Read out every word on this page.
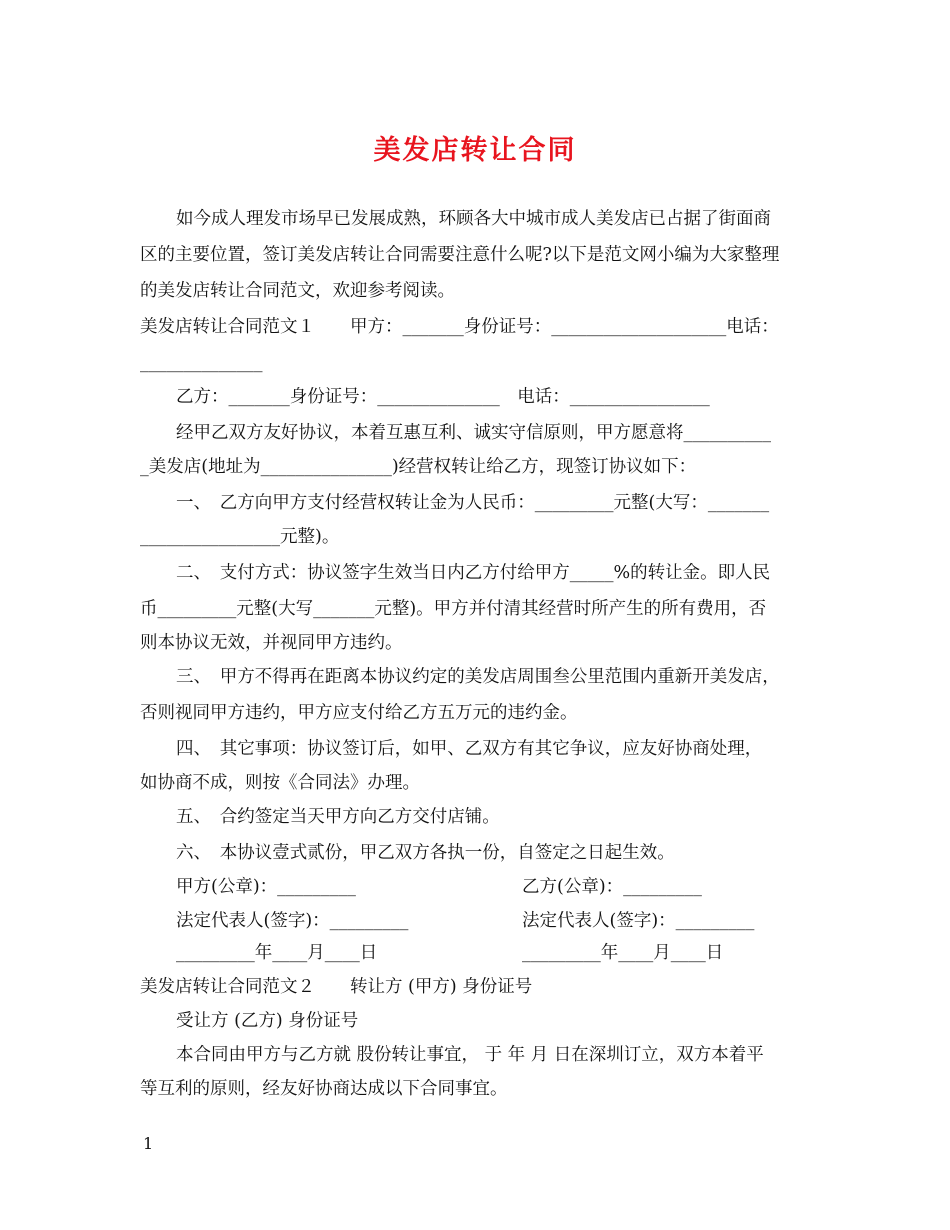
美发店转让合同
如今成人理发市场早已发展成熟，环顾各大中城市成人美发店已占据了街面商
区的主要位置，签订美发店转让合同需要注意什么呢?以下是范文网小编为大家整理
的美发店转让合同范文，欢迎参考阅读。
美发店转让合同范文１　　甲方：_______身份证号：____________________电话：
______________
乙方：_______身份证号：______________　电话：________________
经甲乙双方友好协议，本着互惠互利、诚实守信原则，甲方愿意将__________
_美发店(地址为_______________)经营权转让给乙方，现签订协议如下：
一、　乙方向甲方支付经营权转让金为人民币：_________元整(大写：_______
________________元整)。
二、　支付方式：协议签字生效当日内乙方付给甲方_____%的转让金。即人民
币_________元整(大写_______元整)。甲方并付清其经营时所产生的所有费用，否
则本协议无效，并视同甲方违约。
三、　甲方不得再在距离本协议约定的美发店周围叁公里范围内重新开美发店，
否则视同甲方违约，甲方应支付给乙方五万元的违约金。
四、　其它事项：协议签订后，如甲、乙双方有其它争议，应友好协商处理，
如协商不成，则按《合同法》办理。
五、　合约签定当天甲方向乙方交付店铺。
六、　本协议壹式贰份，甲乙双方各执一份，自签定之日起生效。
甲方(公章)：_________	乙方(公章)：_________
法定代表人(签字)：_________	法定代表人(签字)：_________
_________年____月____日	_________年____月____日
美发店转让合同范文２　　转让方 (甲方) 身份证号
受让方 (乙方) 身份证号
本合同由甲方与乙方就 股份转让事宜， 于 年 月 日在深圳订立，双方本着平
等互利的原则，经友好协商达成以下合同事宜。
1
